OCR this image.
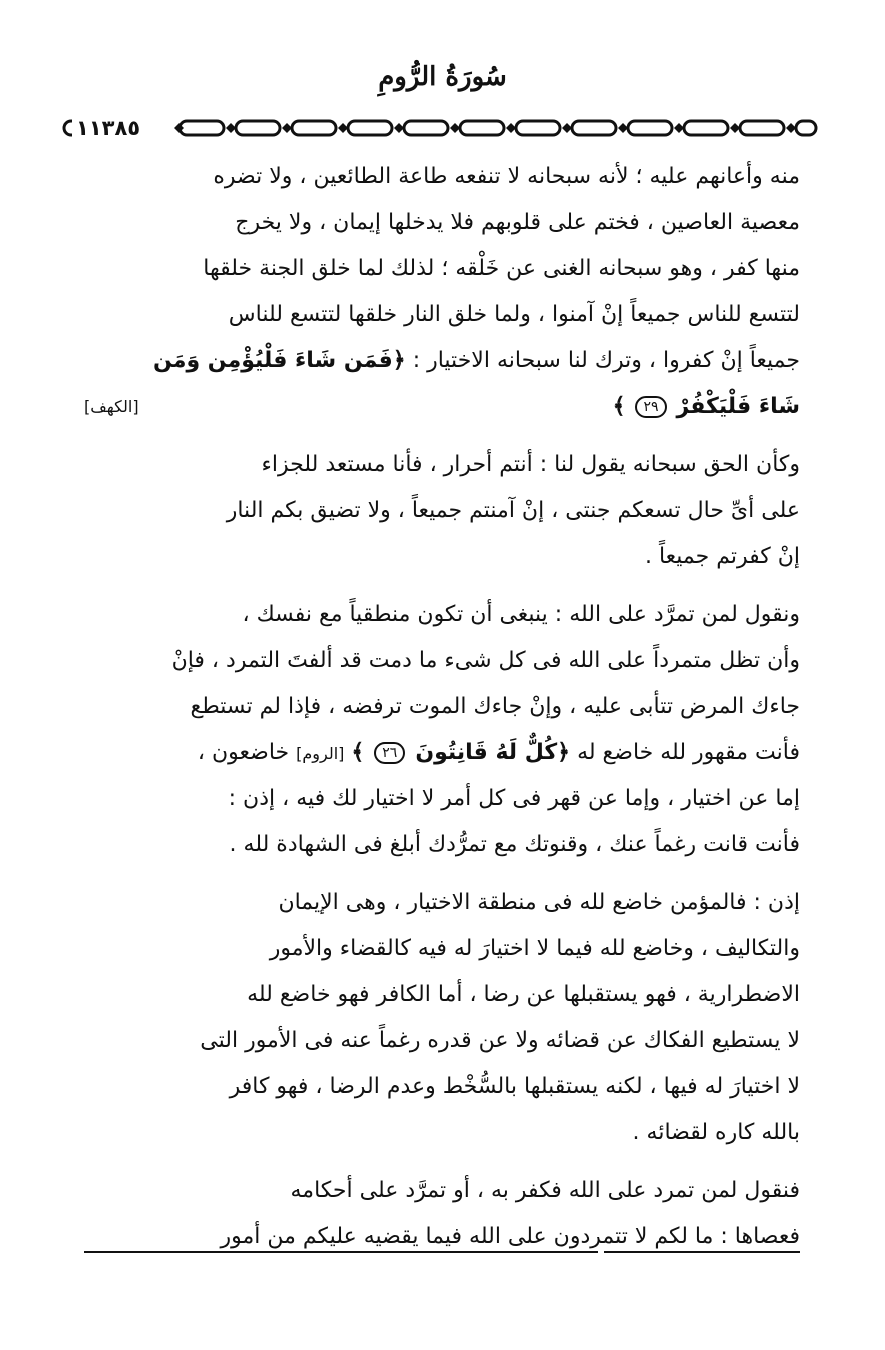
سُورَةُ الرُّومِ
١١٣٨٥
منه وأعانهم عليه ؛ لأنه سبحانه لا تنفعه طاعة الطائعين ، ولا تضره
معصية العاصين ، فختم على قلوبهم فلا يدخلها إيمان ، ولا يخرج
منها كفر ، وهو سبحانه الغنى عن خَلْقه ؛ لذلك لما خلق الجنة خلقها
لتتسع للناس جميعاً إنْ آمنوا ، ولما خلق النار خلقها لتتسع للناس
جميعاً إنْ كفروا ، وترك لنا سبحانه الاختيار : ﴿فَمَن شَاءَ فَلْيُؤْمِن وَمَن
شَاءَ فَلْيَكْفُرْ ٢٩ ﴾
[الكهف]
وكأن الحق سبحانه يقول لنا : أنتم أحرار ، فأنا مستعد للجزاء
على أىِّ حال تسعكم جنتى ، إنْ آمنتم جميعاً ، ولا تضيق بكم النار
إنْ كفرتم جميعاً .
ونقول لمن تمرَّد على الله : ينبغى أن تكون منطقياً مع نفسك ،
وأن تظل متمرداً على الله فى كل شىء ما دمت قد ألفتَ التمرد ، فإنْ
جاءك المرض تتأبى عليه ، وإنْ جاءك الموت ترفضه ، فإذا لم تستطع
فأنت مقهور لله خاضع له ﴿كُلٌّ لَهُ قَانِتُونَ ٢٦ ﴾ [الروم] خاضعون ،
إما عن اختيار ، وإما عن قهر فى كل أمر لا اختيار لك فيه ، إذن :
فأنت قانت رغماً عنك ، وقنوتك مع تمرُّدك أبلغ فى الشهادة لله .
إذن : فالمؤمن خاضع لله فى منطقة الاختيار ، وهى الإيمان
والتكاليف ، وخاضع لله فيما لا اختيارَ له فيه كالقضاء والأمور
الاضطرارية ، فهو يستقبلها عن رضا ، أما الكافر فهو خاضع لله
لا يستطيع الفكاك عن قضائه ولا عن قدره رغماً عنه فى الأمور التى
لا اختيارَ له فيها ، لكنه يستقبلها بالسُّخْط وعدم الرضا ، فهو كافر
بالله كاره لقضائه .
فنقول لمن تمرد على الله فكفر به ، أو تمرَّد على أحكامه
فعصاها : ما لكم لا تتمردون على الله فيما يقضيه عليكم من أمور
